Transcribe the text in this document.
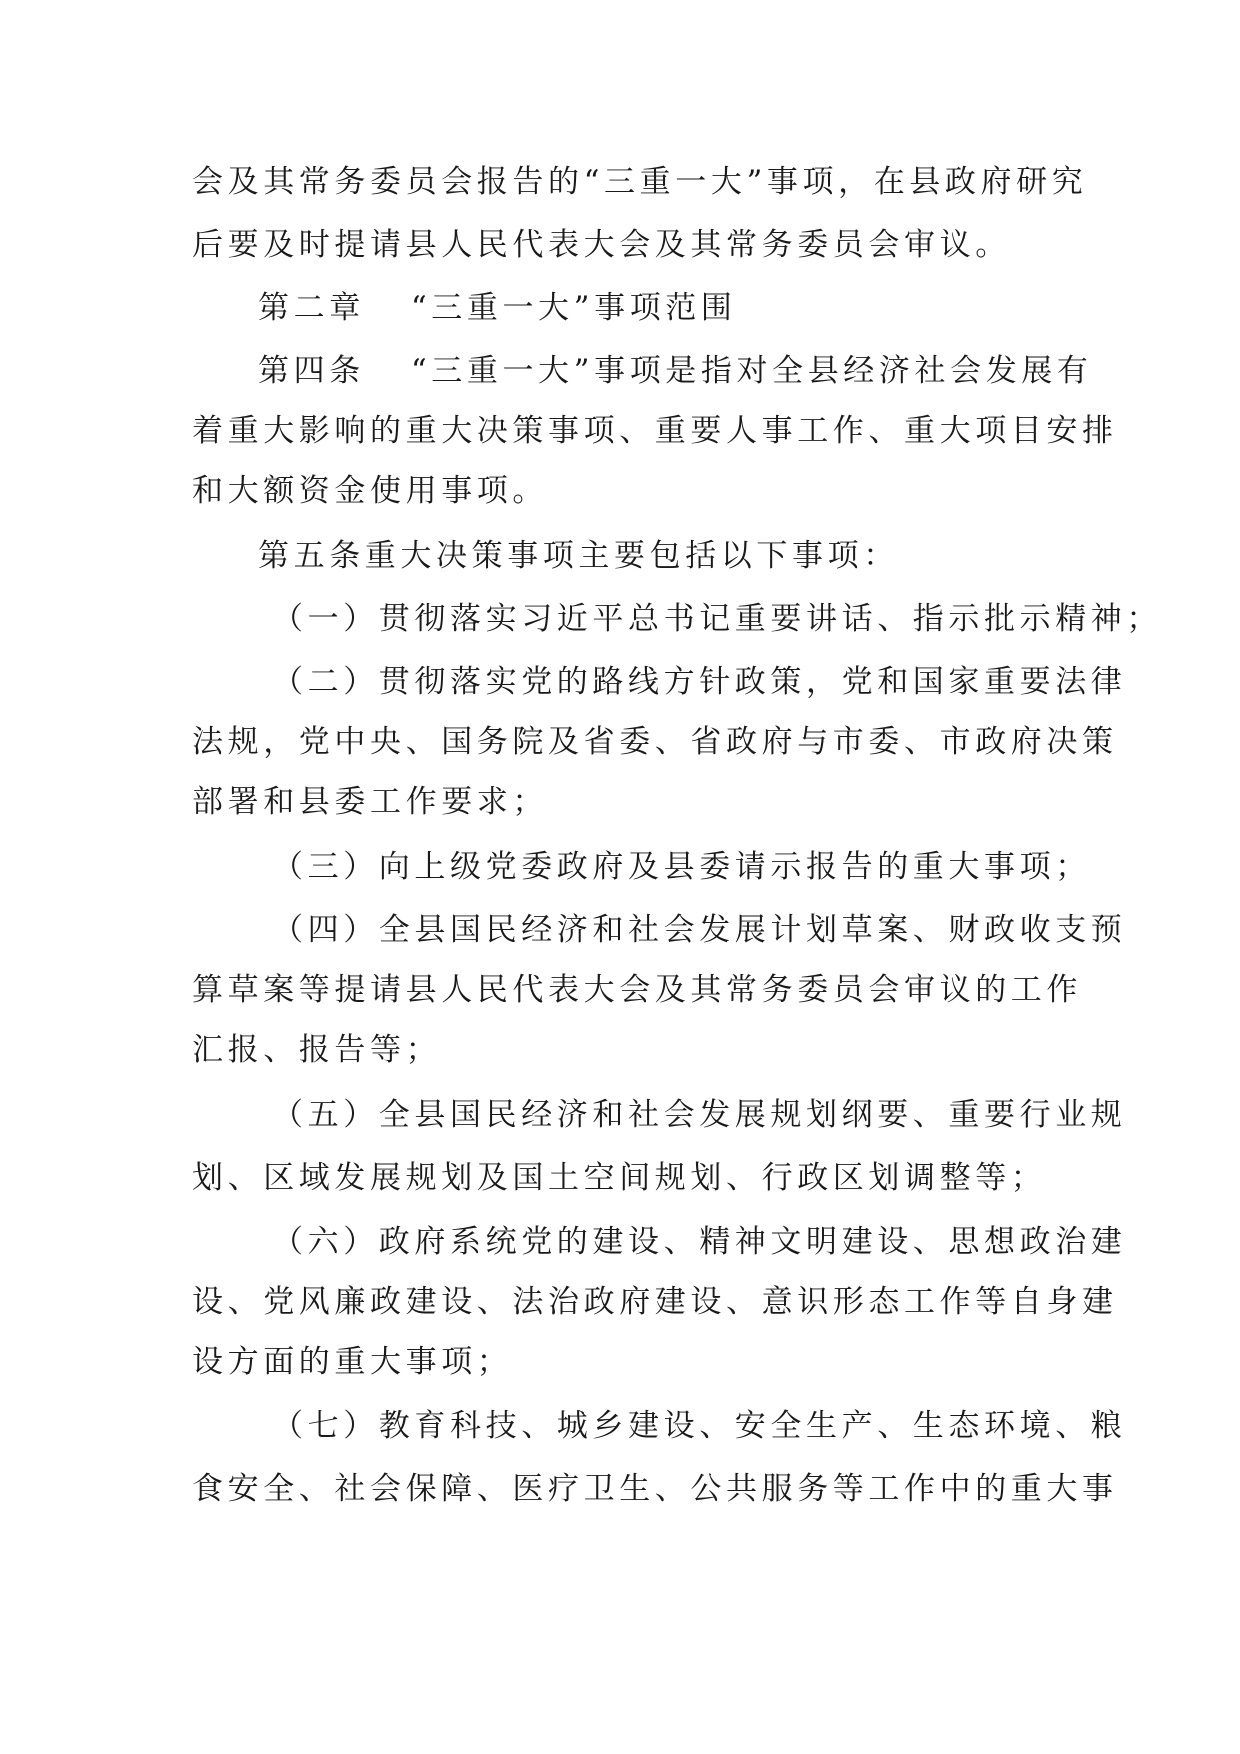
会及其常务委员会报告的“三重一大”事项，在县政府研究

后要及时提请县人民代表大会及其常务委员会审议。

第二章 “三重一大”事项范围

第四条 “三重一大”事项是指对全县经济社会发展有

着重大影响的重大决策事项、重要人事工作、重大项目安排

和大额资金使用事项。

第五条重大决策事项主要包括以下事项：

（一）贯彻落实习近平总书记重要讲话、指示批示精神；

（二）贯彻落实党的路线方针政策，党和国家重要法律

法规，党中央、国务院及省委、省政府与市委、市政府决策

部署和县委工作要求；

（三）向上级党委政府及县委请示报告的重大事项；

（四）全县国民经济和社会发展计划草案、财政收支预

算草案等提请县人民代表大会及其常务委员会审议的工作

汇报、报告等；

（五）全县国民经济和社会发展规划纲要、重要行业规

划、区域发展规划及国土空间规划、行政区划调整等；

（六）政府系统党的建设、精神文明建设、思想政治建

设、党风廉政建设、法治政府建设、意识形态工作等自身建

设方面的重大事项；

（七）教育科技、城乡建设、安全生产、生态环境、粮

食安全、社会保障、医疗卫生、公共服务等工作中的重大事
